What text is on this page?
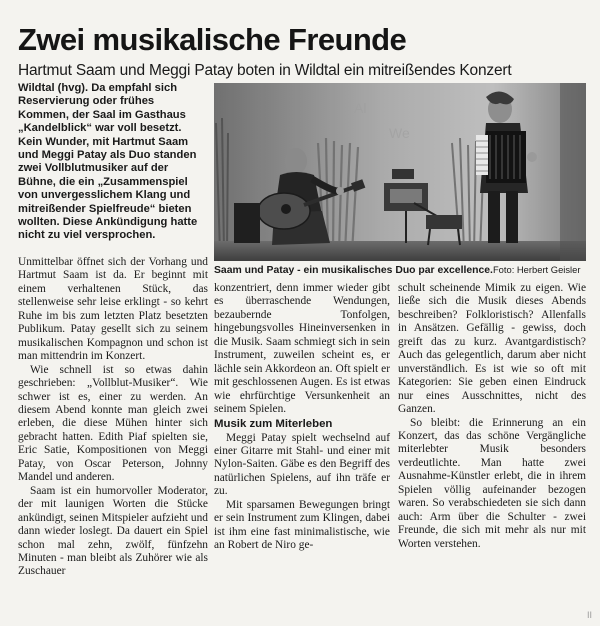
Zwei musikalische Freunde
Hartmut Saam und Meggi Patay boten in Wildtal ein mitreißendes Konzert

Wildtal (hvg). Da empfahl sich Reservierung oder frühes Kommen, der Saal im Gasthaus „Kandelblick“ war voll besetzt. Kein Wunder, mit Hartmut Saam und Meggi Patay als Duo standen zwei Vollblutmusiker auf der Bühne, die ein „Zusammenspiel von unvergesslichem Klang und mitreißender Spielfreude“ bieten wollten. Diese Ankündigung hatte nicht zu viel versprochen.

Al
We
Saam und Patay - ein musikalisches Duo par excellence.Foto: Herbert Geisler

Unmittelbar öffnet sich der Vorhang und Hartmut Saam ist da. Er beginnt mit einem verhaltenen Stück, das stellenweise sehr leise erklingt - so kehrt Ruhe im bis zum letzten Platz besetzten Publikum. Patay gesellt sich zu seinem musikalischen Kompagnon und schon ist man mittendrin im Konzert.

Wie schnell ist so etwas dahin geschrieben: „Vollblut-Musiker“. Wie schwer ist es, einer zu werden. An diesem Abend konnte man gleich zwei erleben, die diese Mühen hinter sich gebracht hatten. Edith Piaf spielten sie, Eric Satie, Kompositionen von Meggi Patay, von Oscar Peterson, Johnny Mandel und anderen.

Saam ist ein humorvoller Moderator, der mit launigen Worten die Stücke ankündigt, seinen Mitspieler aufzieht und dann wieder loslegt. Da dauert ein Spiel schon mal zehn, zwölf, fünfzehn Minuten - man bleibt als Zuhörer wie als Zuschauer

konzentriert, denn immer wieder gibt es überraschende Wendungen, bezaubernde Tonfolgen, hingebungsvolles Hineinversenken in die Musik. Saam schmiegt sich in sein Instrument, zuweilen scheint es, er lächle sein Akkordeon an. Oft spielt er mit geschlossenen Augen. Es ist etwas wie ehrfürchtige Versunkenheit an seinem Spielen.

Musik zum Miterleben

Meggi Patay spielt wechselnd auf einer Gitarre mit Stahl- und einer mit Nylon-Saiten. Gäbe es den Begriff des natürlichen Spielens, auf ihn träfe er zu.

Mit sparsamen Bewegungen bringt er sein Instrument zum Klingen, dabei ist ihm eine fast minimalistische, wie an Robert de Niro ge-

schult scheinende Mimik zu eigen. Wie ließe sich die Musik dieses Abends beschreiben? Folkloristisch? Allenfalls in Ansätzen. Gefällig - gewiss, doch greift das zu kurz. Avantgardistisch? Auch das gelegentlich, darum aber nicht unverständlich. Es ist wie so oft mit Kategorien: Sie geben einen Eindruck nur eines Ausschnittes, nicht des Ganzen.

So bleibt: die Erinnerung an ein Konzert, das das schöne Vergängliche miterlebter Musik besonders verdeutlichte. Man hatte zwei Ausnahme-Künstler erlebt, die in ihrem Spielen völlig aufeinander bezogen waren. So verabschiedeten sie sich dann auch: Arm über die Schulter - zwei Freunde, die sich mit mehr als nur mit Worten verstehen.

II
